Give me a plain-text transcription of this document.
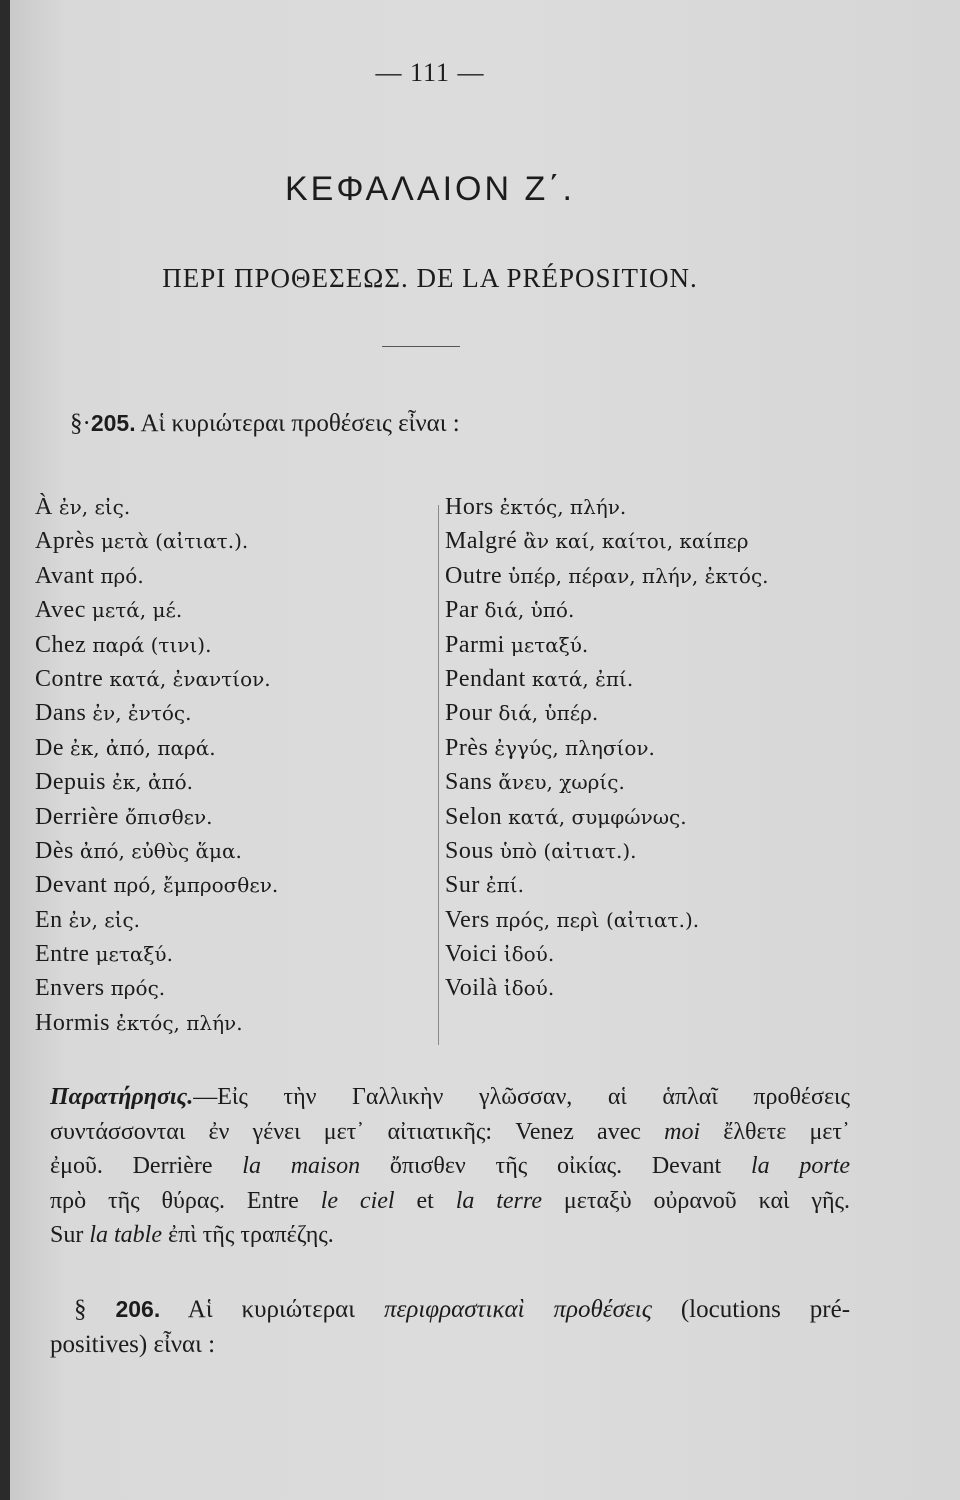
— 111 —
ΚΕΦΑΛΑΙΟΝ Ζ΄.
ΠΕΡΙ ΠΡΟΘΕΣΕΩΣ. DE LA PRÉPOSITION.
§·205. Αἱ κυριώτεραι προθέσεις εἶναι :
À ἐν, εἰς.
Après μετὰ (αἰτιατ.).
Avant πρό.
Avec μετά, μέ.
Chez παρά (τινι).
Contre κατά, ἐναντίον.
Dans ἐν, ἐντός.
De ἐκ, ἀπό, παρά.
Depuis ἐκ, ἀπό.
Derrière ὄπισθεν.
Dès ἀπό, εὐθὺς ἅμα.
Devant πρό, ἔμπροσθεν.
En ἐν, εἰς.
Entre μεταξύ.
Envers πρός.
Hormis ἐκτός, πλήν.
Hors ἐκτός, πλήν.
Malgré ἂν καί, καίτοι, καίπερ
Outre ὑπέρ, πέραν, πλήν, ἐκτός.
Par διά, ὑπό.
Parmi μεταξύ.
Pendant κατά, ἐπί.
Pour διά, ὑπέρ.
Près ἐγγύς, πλησίον.
Sans ἄνευ, χωρίς.
Selon κατά, συμφώνως.
Sous ὑπὸ (αἰτιατ.).
Sur ἐπί.
Vers πρός, περὶ (αἰτιατ.).
Voici ἰδού.
Voilà ἰδού.
Παρατήρησις.—Εἰς τὴν Γαλλικὴν γλῶσσαν, αἱ ἁπλαῖ προθέσεις
συντάσσονται ἐν γένει μετ᾿ αἰτιατικῆς: Venez avec moi ἔλθετε μετ᾿
ἐμοῦ. Derrière la maison ὄπισθεν τῆς οἰκίας. Devant la porte
πρὸ τῆς θύρας. Entre le ciel et la terre μεταξὺ οὐρανοῦ καὶ γῆς.
Sur la table ἐπὶ τῆς τραπέζης.
§ 206. Αἱ κυριώτεραι περιφραστικαὶ προθέσεις (locutions pré-
positives) εἶναι :
